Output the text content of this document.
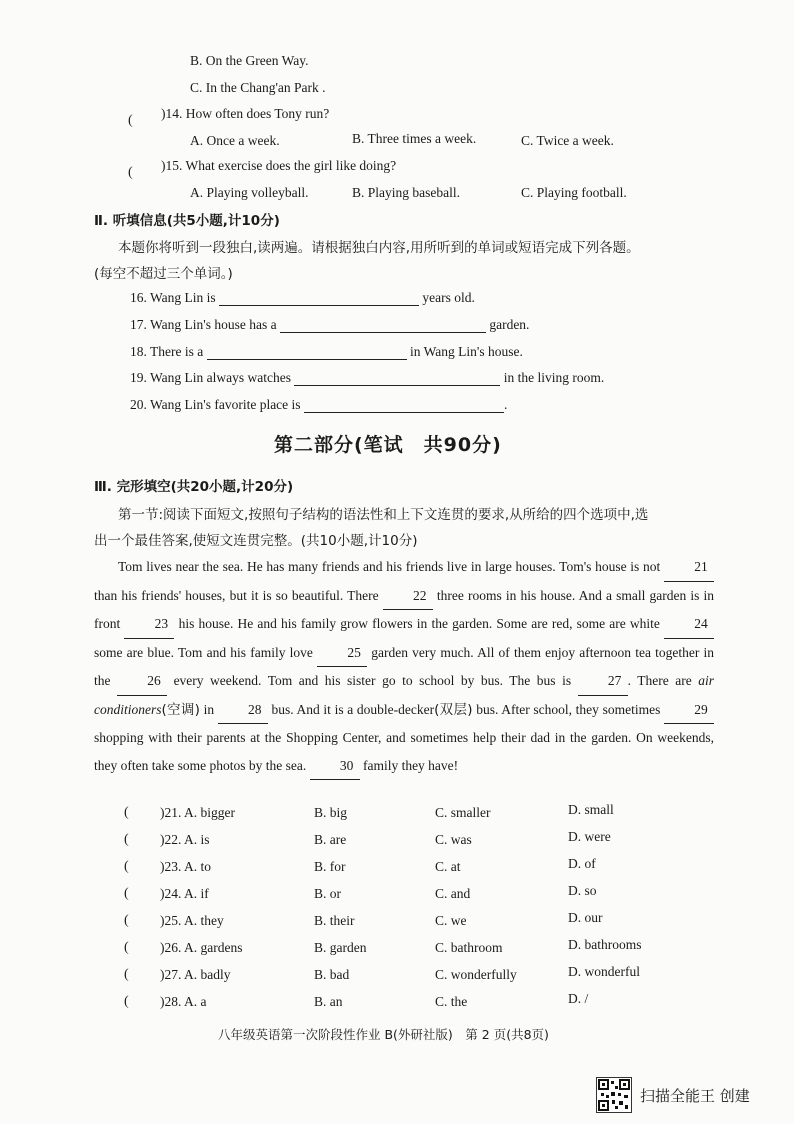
B. On the Green Way.
C. In the Chang'an Park .
( )14. How often does Tony run?
A. Once a week.	B. Three times a week.	C. Twice a week.
( )15. What exercise does the girl like doing?
A. Playing volleyball.	B. Playing baseball.	C. Playing football.
Ⅱ. 听填信息(共5小题,计10分)
本题你将听到一段独白,读两遍。请根据独白内容,用所听到的单词或短语完成下列各题。
(每空不超过三个单词。)
16. Wang Lin is	years old.
17. Wang Lin's house has a	garden.
18. There is a	in Wang Lin's house.
19. Wang Lin always watches	in the living room.
20. Wang Lin's favorite place is	.
第二部分(笔试　共90分)
Ⅲ. 完形填空(共20小题,计20分)
第一节:阅读下面短文,按照句子结构的语法性和上下文连贯的要求,从所给的四个选项中,选
出一个最佳答案,使短文连贯完整。(共10小题,计10分)
Tom lives near the sea. He has many friends and his friends live in large houses. Tom's house is not	21 than his friends' houses, but it is so beautiful. There	22 three rooms in his house. And a small garden is in front	23 his house. He and his family grow flowers in the garden. Some are red, some are white	24 some are blue. Tom and his family love	25 garden very much. All of them enjoy afternoon tea together in the	26 every weekend. Tom and his sister go to school by bus. The bus is	27 . There are air conditioners(空调) in	28 bus. And it is a double-decker(双层) bus. After school, they sometimes	29 shopping with their parents at the Shopping Center, and sometimes help their dad in the garden. On weekends, they often take some photos by the sea. 30 family they have!
( )21. A. bigger	B. big	C. smaller	D. small
( )22. A. is	B. are	C. was	D. were
( )23. A. to	B. for	C. at	D. of
( )24. A. if	B. or	C. and	D. so
( )25. A. they	B. their	C. we	D. our
( )26. A. gardens	B. garden	C. bathroom	D. bathrooms
( )27. A. badly	B. bad	C. wonderfully	D. wonderful
( )28. A. a	B. an	C. the	D. /
八年级英语第一次阶段性作业 B(外研社版)　第 2 页(共8页)
扫描全能王 创建
